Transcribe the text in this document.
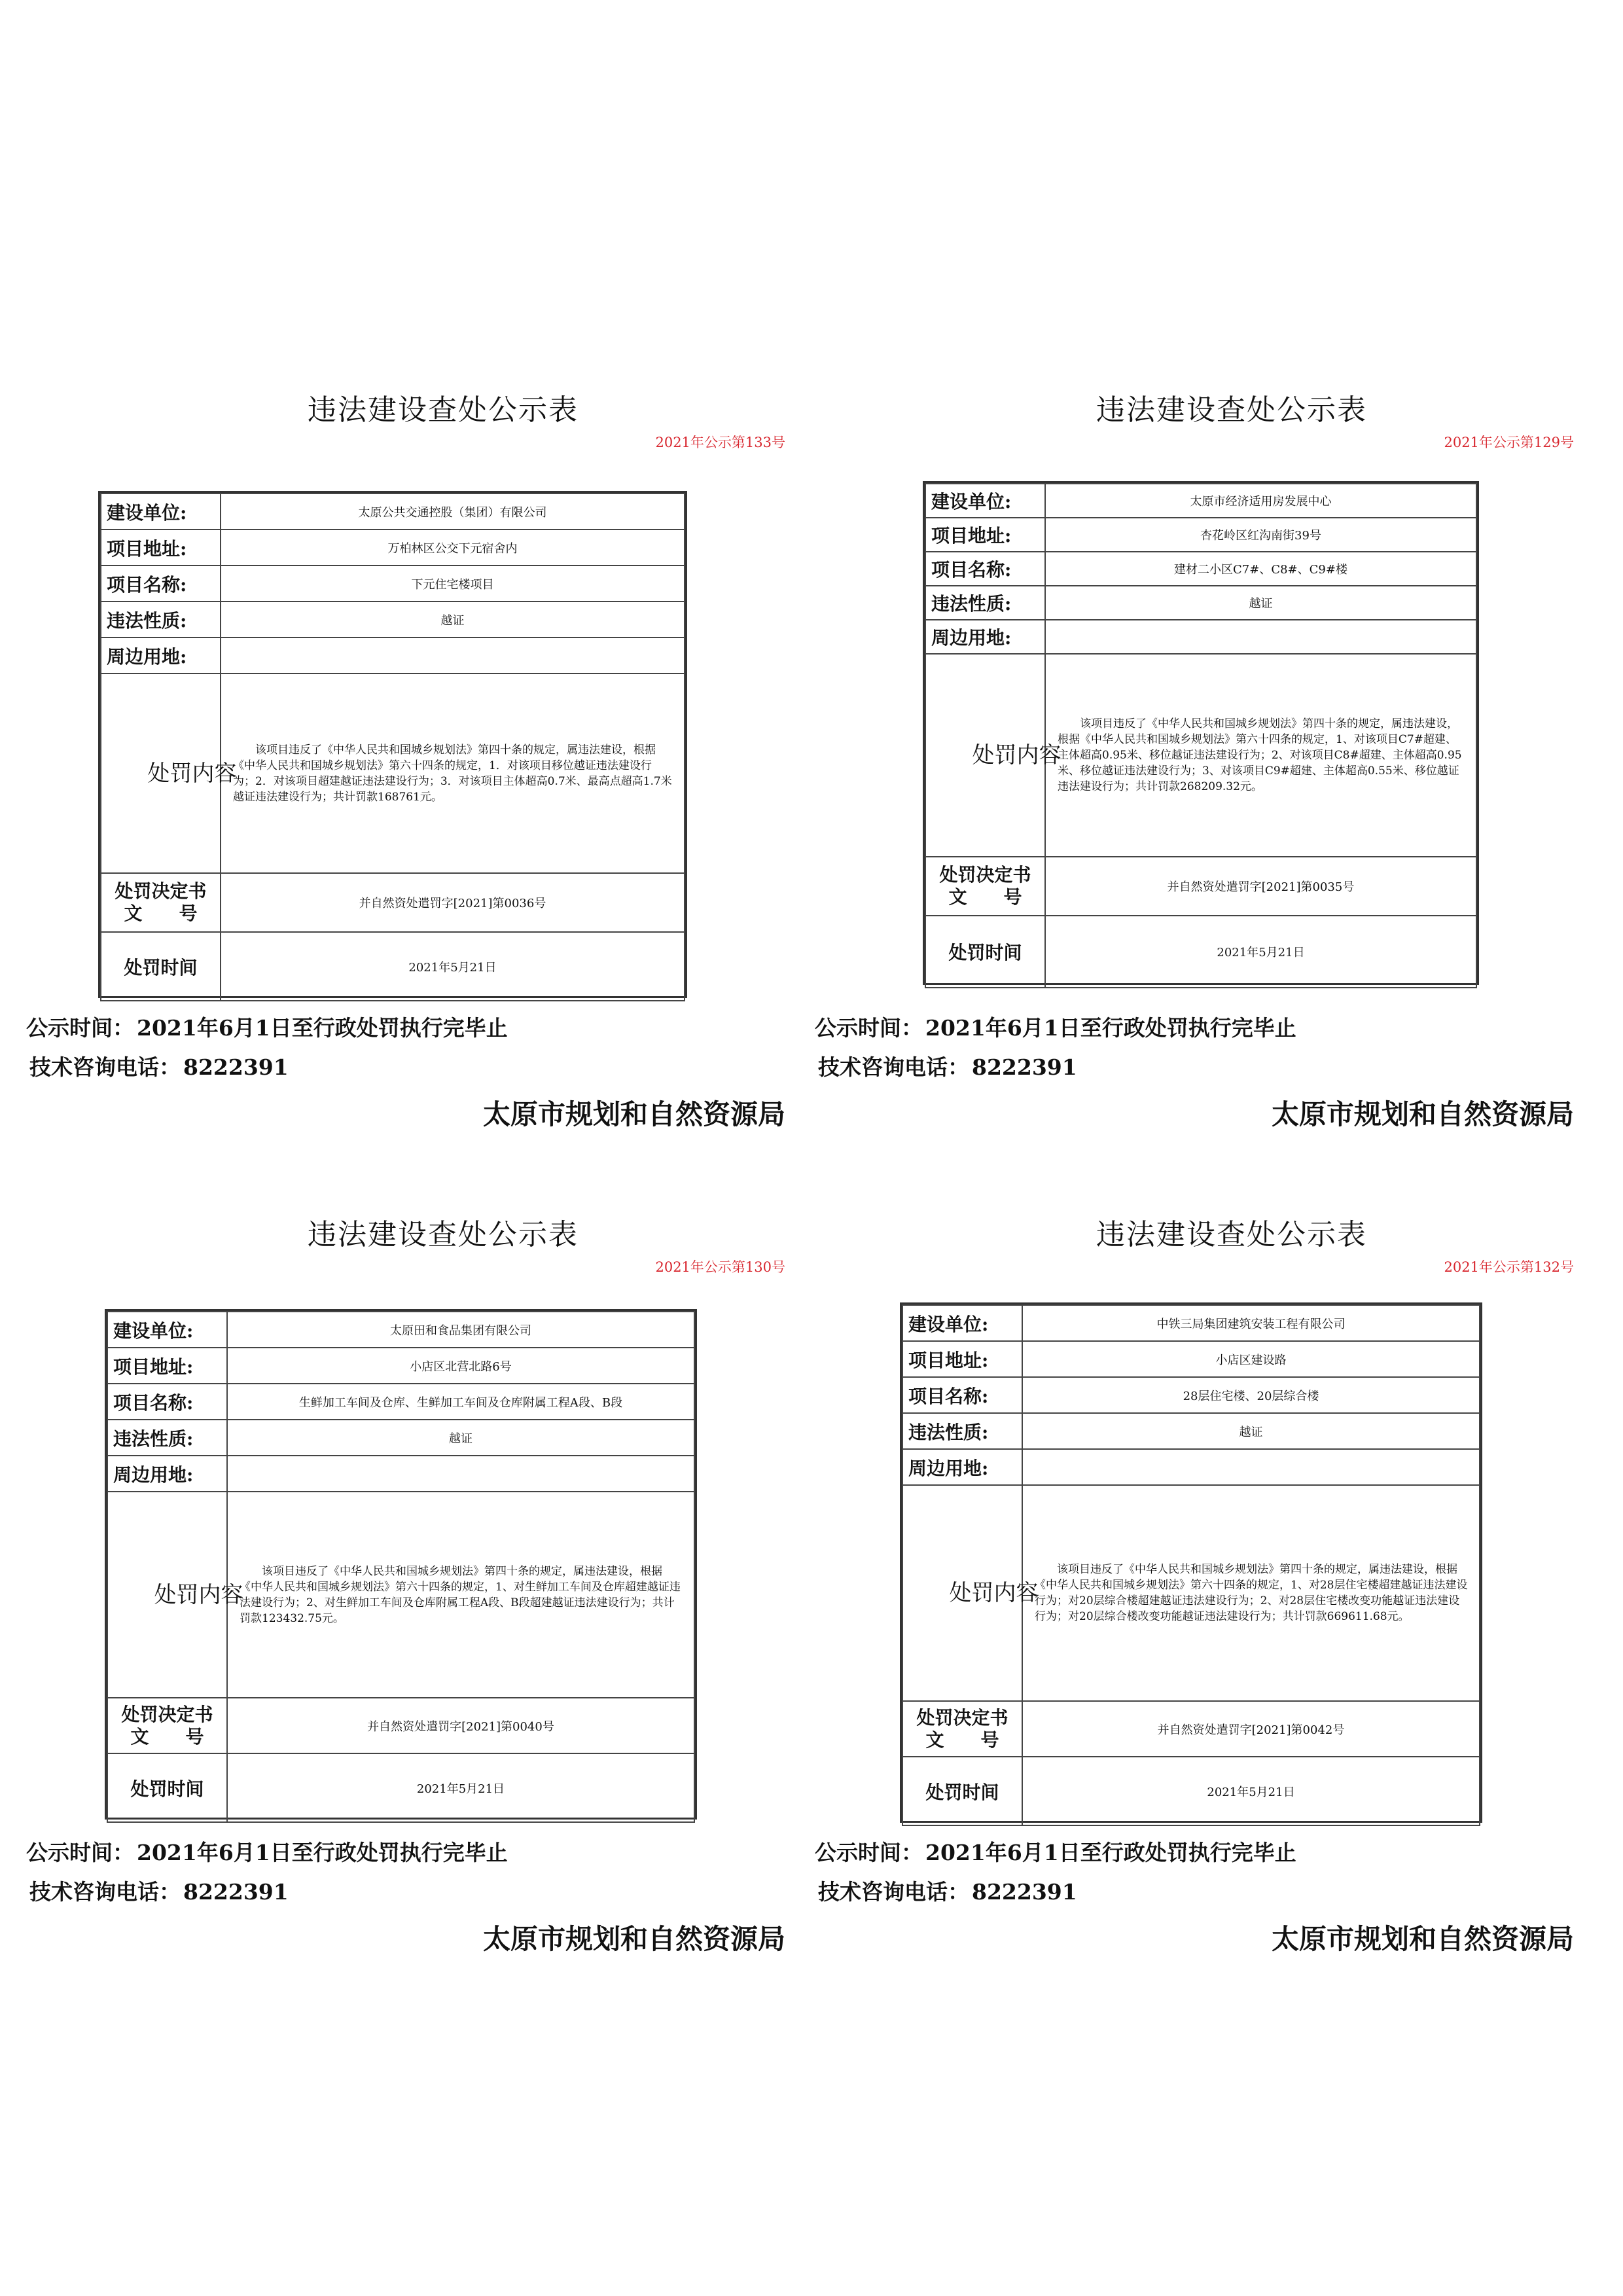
违法建设查处公示表
2021年公示第133号
建设单位:	太原公共交通控股（集团）有限公司
项目地址:	万柏林区公交下元宿舍内
项目名称:	下元住宅楼项目
违法性质:	越证
周边用地:	
处罚内容	该项目违反了《中华人民共和国城乡规划法》第四十条的规定，属违法建设，根据《中华人民共和国城乡规划法》第六十四条的规定，1．对该项目移位越证违法建设行为；2．对该项目超建越证违法建设行为；3．对该项目主体超高0.7米、最高点超高1.7米越证违法建设行为；共计罚款168761元。

处罚决定书文　　号	并自然资处遣罚字[2021]第0036号
处罚时间	2021年5月21日
公示时间： 2021年6月1日至行政处罚执行完毕止
技术咨询电话： 8222391
太原市规划和自然资源局
违法建设查处公示表
2021年公示第129号
建设单位:	太原市经济适用房发展中心
项目地址:	杏花岭区红沟南街39号
项目名称:	建材二小区C7#、C8#、C9#楼
违法性质:	越证
周边用地:	
处罚内容	该项目违反了《中华人民共和国城乡规划法》第四十条的规定，属违法建设，根据《中华人民共和国城乡规划法》第六十四条的规定，1、对该项目C7#超建、主体超高0.95米、移位越证违法建设行为；2、对该项目C8#超建、主体超高0.95米、移位越证违法建设行为；3、对该项目C9#超建、主体超高0.55米、移位越证违法建设行为；共计罚款268209.32元。

处罚决定书文　　号	并自然资处遣罚字[2021]第0035号
处罚时间	2021年5月21日
公示时间： 2021年6月1日至行政处罚执行完毕止
技术咨询电话： 8222391
太原市规划和自然资源局
违法建设查处公示表
2021年公示第130号
建设单位:	太原田和食品集团有限公司
项目地址:	小店区北营北路6号
项目名称:	生鲜加工车间及仓库、生鲜加工车间及仓库附属工程A段、B段
违法性质:	越证
周边用地:	
处罚内容	该项目违反了《中华人民共和国城乡规划法》第四十条的规定，属违法建设，根据《中华人民共和国城乡规划法》第六十四条的规定，1、对生鲜加工车间及仓库超建越证违法建设行为；2、对生鲜加工车间及仓库附属工程A段、B段超建越证违法建设行为；共计罚款123432.75元。

处罚决定书文　　号	并自然资处遣罚字[2021]第0040号
处罚时间	2021年5月21日
公示时间： 2021年6月1日至行政处罚执行完毕止
技术咨询电话： 8222391
太原市规划和自然资源局
违法建设查处公示表
2021年公示第132号
建设单位:	中铁三局集团建筑安装工程有限公司
项目地址:	小店区建设路
项目名称:	28层住宅楼、20层综合楼
违法性质:	越证
周边用地:	
处罚内容	该项目违反了《中华人民共和国城乡规划法》第四十条的规定，属违法建设，根据《中华人民共和国城乡规划法》第六十四条的规定，1、对28层住宅楼超建越证违法建设行为；对20层综合楼超建越证违法建设行为；2、对28层住宅楼改变功能越证违法建设行为；对20层综合楼改变功能越证违法建设行为；共计罚款669611.68元。

处罚决定书文　　号	并自然资处遣罚字[2021]第0042号
处罚时间	2021年5月21日
公示时间： 2021年6月1日至行政处罚执行完毕止
技术咨询电话： 8222391
太原市规划和自然资源局
